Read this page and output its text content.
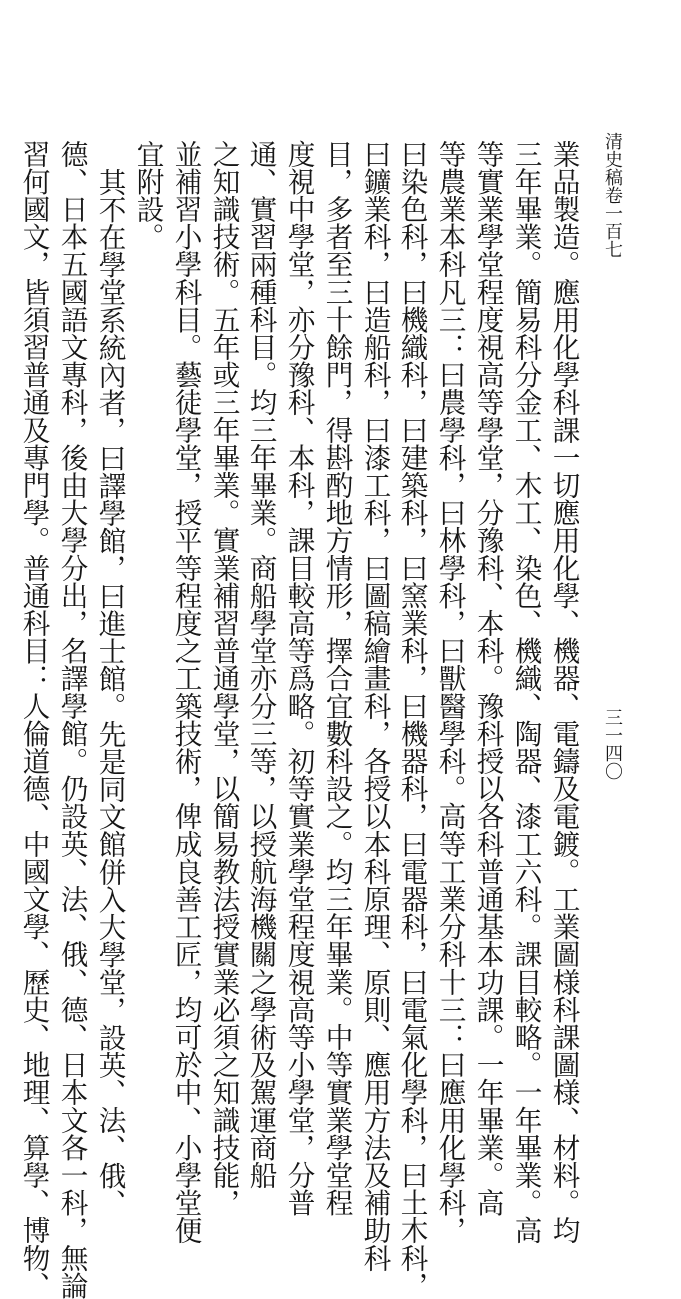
清史稿卷一百七
三一四〇
業品製造。應用化學科課一切應用化學、機器、電鑄及電鍍。工業圖様科課圖様、材料。均
三年畢業。簡易科分金工、木工、染色、機織、陶器、漆工六科。課目較略。一年畢業。高
等實業學堂程度視高等學堂，分豫科、本科。豫科授以各科普通基本功課。一年畢業。高
等農業本科凡三：曰農學科，曰林學科，曰獸醫學科。高等工業分科十三：曰應用化學科，
曰染色科，曰機織科，曰建築科，曰窯業科，曰機器科，曰電器科，曰電氣化學科，曰土木科，
曰鑛業科，曰造船科，曰漆工科，曰圖稿繪畫科，各授以本科原理、原則、應用方法及補助科
目，多者至三十餘門，得斟酌地方情形，擇合宜數科設之。均三年畢業。中等實業學堂程
度視中學堂，亦分豫科、本科，課目較高等爲略。初等實業學堂程度視高等小學堂，分普
通、實習兩種科目。均三年畢業。商船學堂亦分三等，以授航海機關之學術及駕運商船
之知識技術。五年或三年畢業。實業補習普通學堂，以簡易教法授實業必須之知識技能，
並補習小學科目。藝徒學堂，授平等程度之工築技術，俾成良善工匠，均可於中、小學堂便
宜附設。
其不在學堂系統內者，曰譯學館，曰進士館。先是同文館併入大學堂，設英、法、俄、
德、日本五國語文專科，後由大學分出，名譯學館。仍設英、法、俄、德、日本文各一科，無論
習何國文，皆須習普通及專門學。普通科目：人倫道德、中國文學、歷史、地理、算學、博物、
